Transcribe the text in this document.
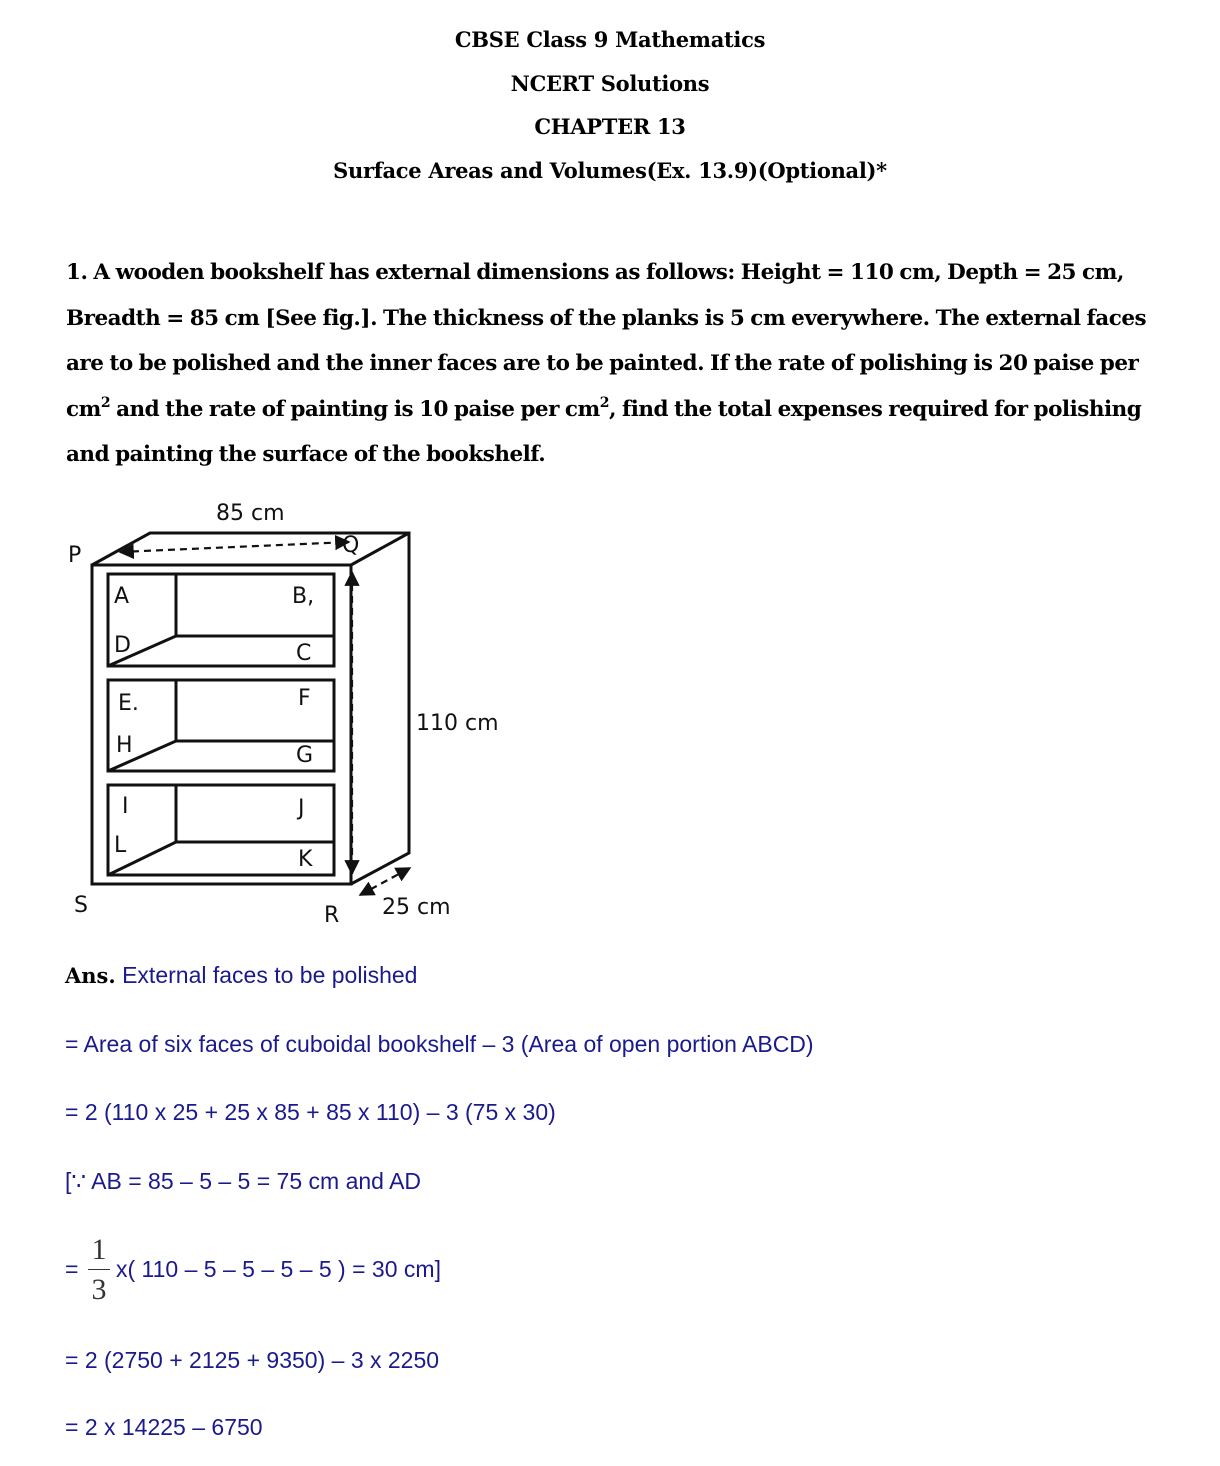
CBSE Class 9 Mathematics
NCERT Solutions
CHAPTER 13
Surface Areas and Volumes(Ex. 13.9)(Optional)*
1. A wooden bookshelf has external dimensions as follows: Height = 110 cm, Depth = 25 cm, Breadth = 85 cm [See fig.]. The thickness of the planks is 5 cm everywhere. The external faces are to be polished and the inner faces are to be painted. If the rate of polishing is 20 paise per $cm^2$ and the rate of painting is 10 paise per $cm^2$, find the total expenses required for polishing and painting the surface of the bookshelf.
85 cm
110 cm
25 cm
P	Q
S	R
A	B,
D	C
E.	F
H	G
I	J
L
K
Ans. External faces to be polished
= Area of six faces of cuboidal bookshelf – 3 (Area of open portion ABCD)
= 2 (110 x 25 + 25 x 85 + 85 x 110) – 3 (75 x 30)
[∵ AB = 85 – 5 – 5 = 75 cm and AD
=
1
3
x( 110 – 5 – 5 – 5 – 5 ) = 30 cm]
= 2 (2750 + 2125 + 9350) – 3 x 2250
= 2 x 14225 – 6750
